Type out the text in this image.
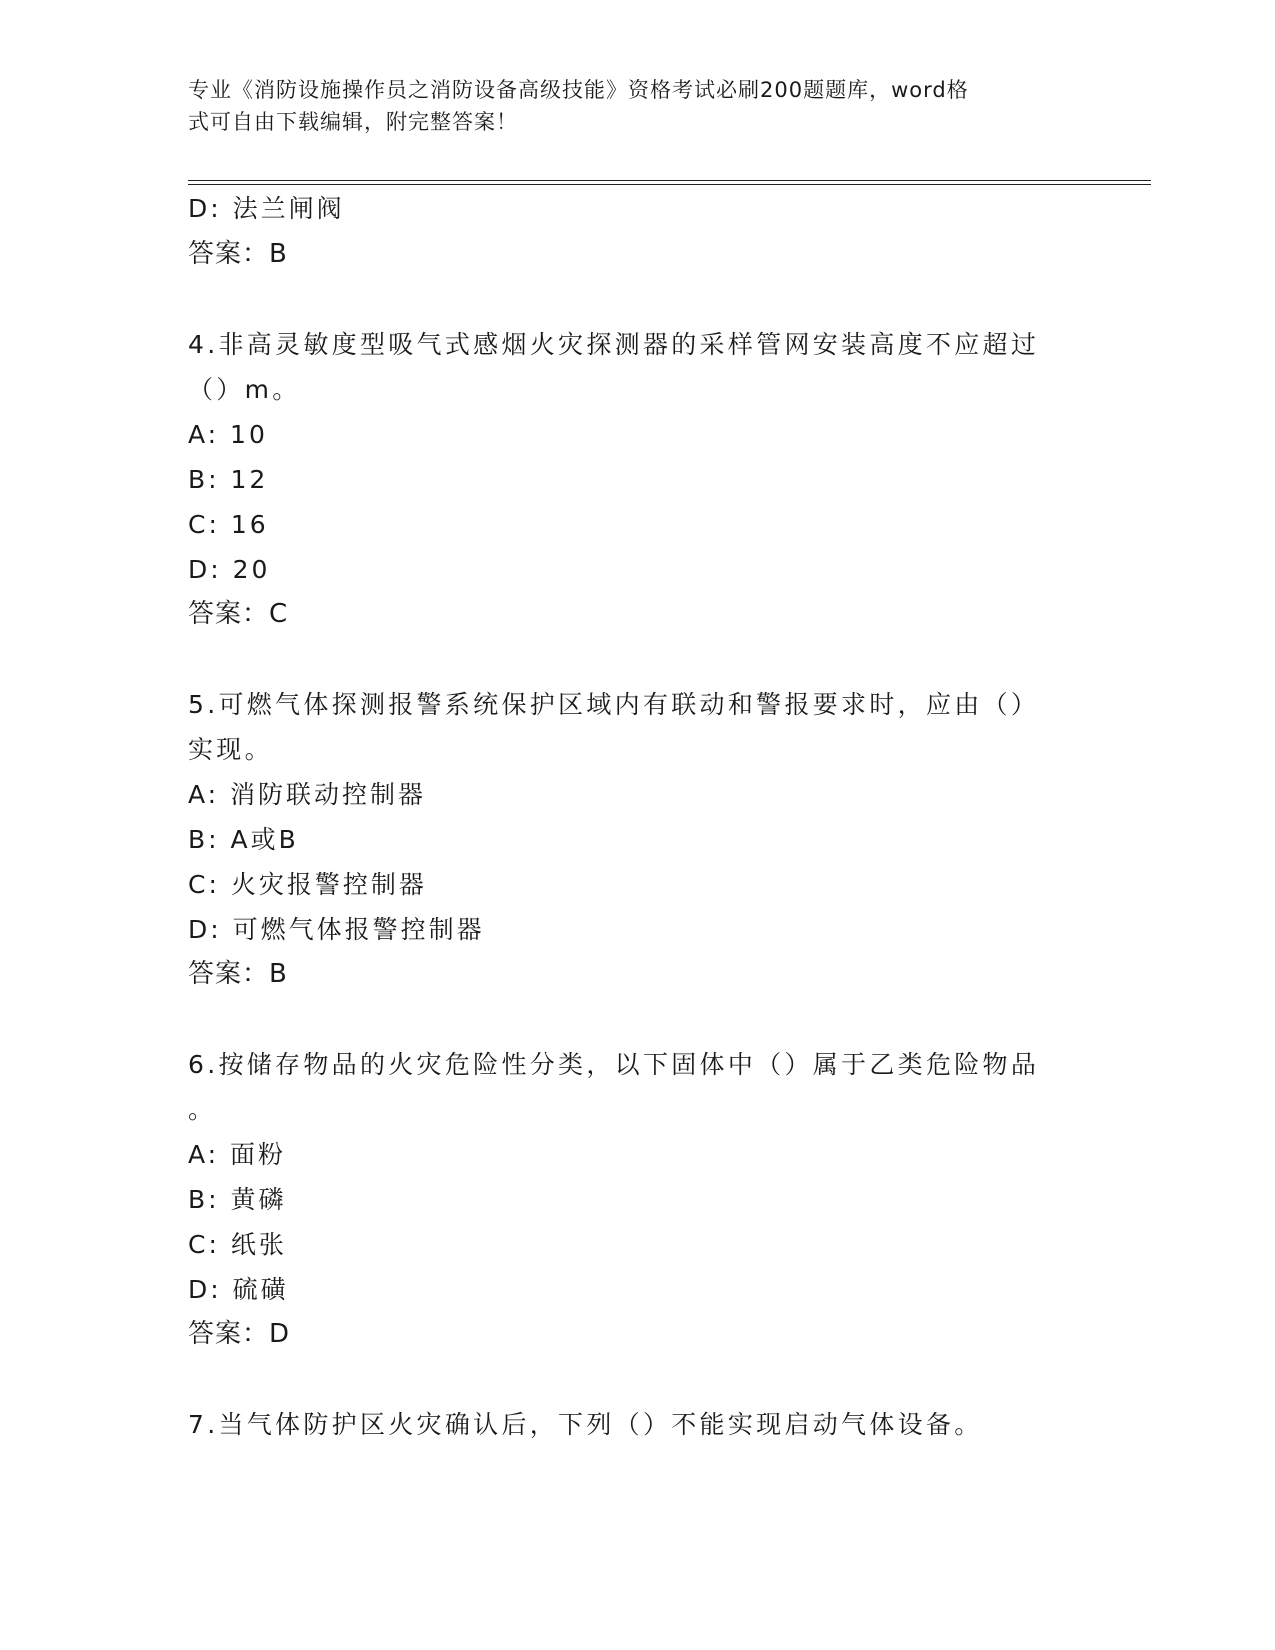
专业《消防设施操作员之消防设备高级技能》资格考试必刷200题题库，word格
式可自由下载编辑，附完整答案！
D: 法兰闸阀
答案：B
4.非高灵敏度型吸气式感烟火灾探测器的采样管网安装高度不应超过
（）m。
A: 10
B: 12
C: 16
D: 20
答案：C
5.可燃气体探测报警系统保护区域内有联动和警报要求时，应由（）
实现。
A: 消防联动控制器
B: A或B
C: 火灾报警控制器
D: 可燃气体报警控制器
答案：B
6.按储存物品的火灾危险性分类，以下固体中（）属于乙类危险物品
。
A: 面粉
B: 黄磷
C: 纸张
D: 硫磺
答案：D
7.当气体防护区火灾确认后，下列（）不能实现启动气体设备。
